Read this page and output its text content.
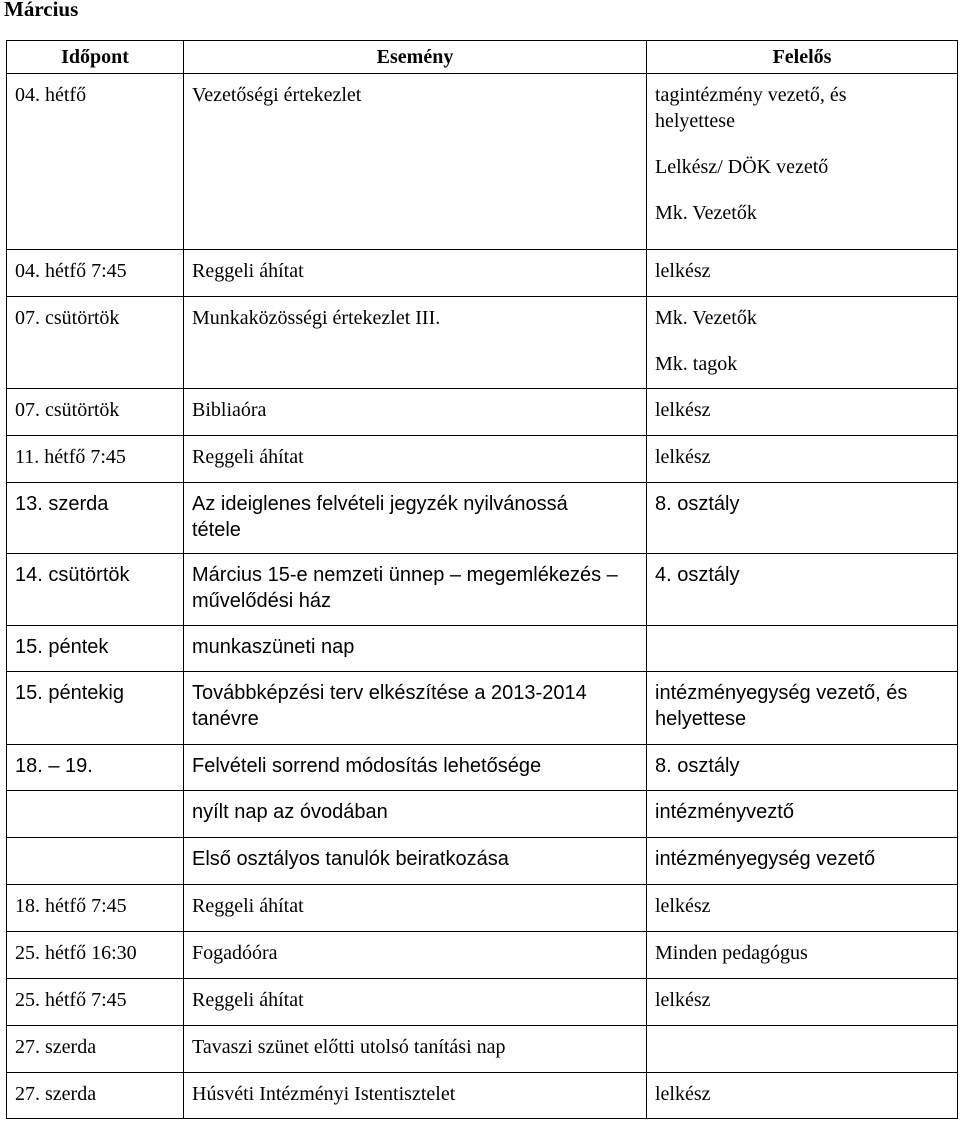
Március
Időpont	Esemény	Felelős

04. hétfő	Vezetőségi értekezlet	tagintézmény vezető, és helyettese
Lelkész/ DÖK vezető
Mk. Vezetők

04. hétfő 7:45	Reggeli áhítat	lelkész

07. csütörtök	Munkaközösségi értekezlet III.	Mk. Vezetők
Mk. tagok

07. csütörtök	Bibliaóra	lelkész

11. hétfő 7:45	Reggeli áhítat	lelkész

13. szerda	Az ideiglenes felvételi jegyzék nyilvánossá tétele	8. osztály

14. csütörtök	Március 15-e nemzeti ünnep – megemlékezés – művelődési ház	4. osztály

15. péntek	munkaszüneti nap	

15. péntekig	Továbbképzési terv elkészítése a 2013-2014 tanévre	intézményegység vezető, és helyettese

18. – 19.	Felvételi sorrend módosítás lehetősége	8. osztály

	nyílt nap az óvodában	intézményveztő

	Első osztályos tanulók beiratkozása	intézményegység vezető

18. hétfő 7:45	Reggeli áhítat	lelkész

25. hétfő 16:30	Fogadóóra	Minden pedagógus

25. hétfő 7:45	Reggeli áhítat	lelkész

27. szerda	Tavaszi szünet előtti utolsó tanítási nap	

27. szerda	Húsvéti Intézményi Istentisztelet	lelkész
